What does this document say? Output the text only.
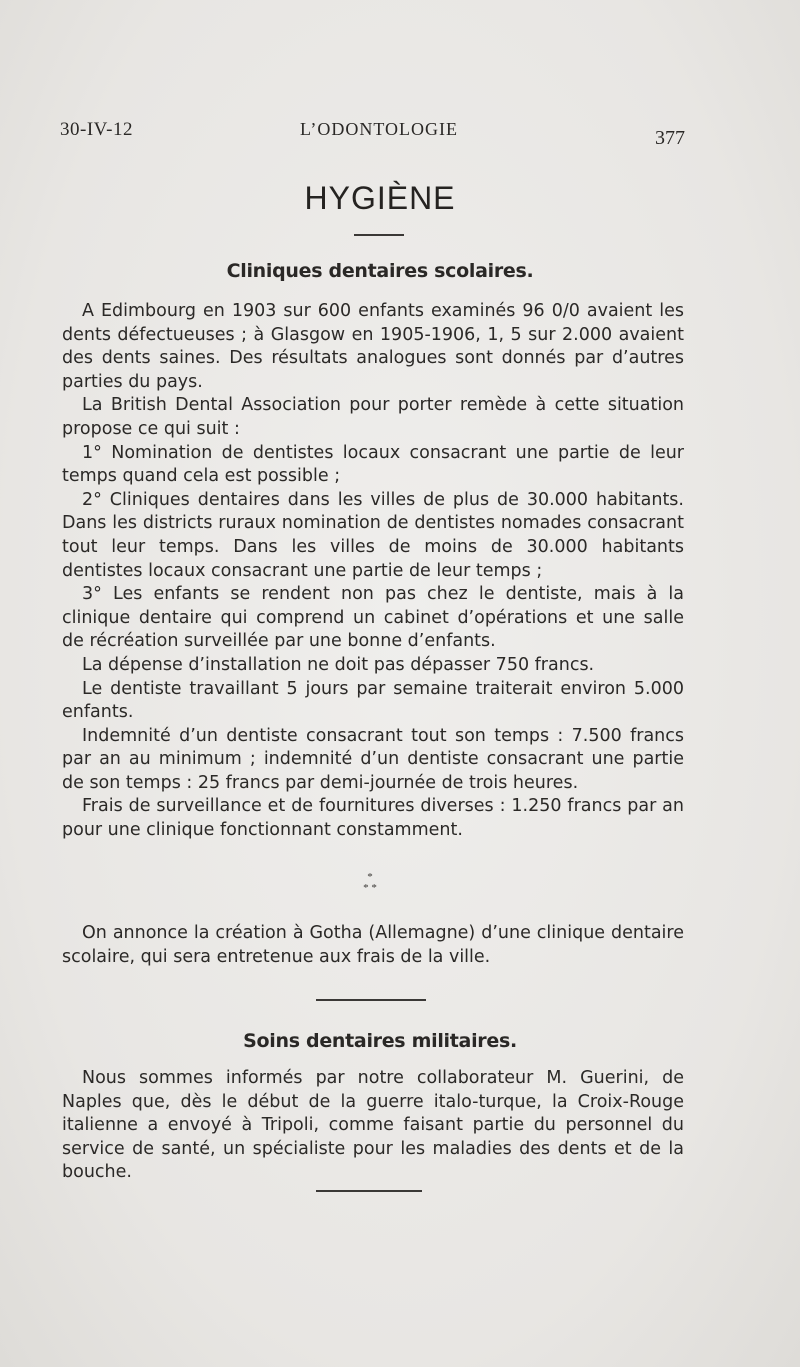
30-IV-12	L’ODONTOLOGIE	377
HYGIÈNE
Cliniques dentaires scolaires.

A Edimbourg en 1903 sur 600 enfants examinés 96 0/0 avaient les dents défectueuses ; à Glasgow en 1905-1906, 1, 5 sur 2.000 avaient des dents saines. Des résultats analogues sont donnés par d’autres parties du pays.

La British Dental Association pour porter remède à cette situation propose ce qui suit :

1° Nomination de dentistes locaux consacrant une partie de leur temps quand cela est possible ;

2° Cliniques dentaires dans les villes de plus de 30.000 habitants. Dans les districts ruraux nomination de dentistes nomades consacrant tout leur temps. Dans les villes de moins de 30.000 habitants dentistes locaux consacrant une partie de leur temps ;

3° Les enfants se rendent non pas chez le dentiste, mais à la clinique dentaire qui comprend un cabinet d’opérations et une salle de récréation surveillée par une bonne d’enfants.

La dépense d’installation ne doit pas dépasser 750 francs.

Le dentiste travaillant 5 jours par semaine traiterait environ 5.000 enfants.

Indemnité d’un dentiste consacrant tout son temps : 7.500 francs par an au minimum ; indemnité d’un dentiste consacrant une partie de son temps : 25 francs par demi-journée de trois heures.

Frais de surveillance et de fournitures diverses : 1.250 francs par an pour une clinique fonctionnant constamment.

*
* *

On annonce la création à Gotha (Allemagne) d’une clinique dentaire scolaire, qui sera entretenue aux frais de la ville.

Soins dentaires militaires.

Nous sommes informés par notre collaborateur M. Guerini, de Naples que, dès le début de la guerre italo-turque, la Croix-Rouge italienne a envoyé à Tripoli, comme faisant partie du personnel du service de santé, un spécialiste pour les maladies des dents et de la bouche.
